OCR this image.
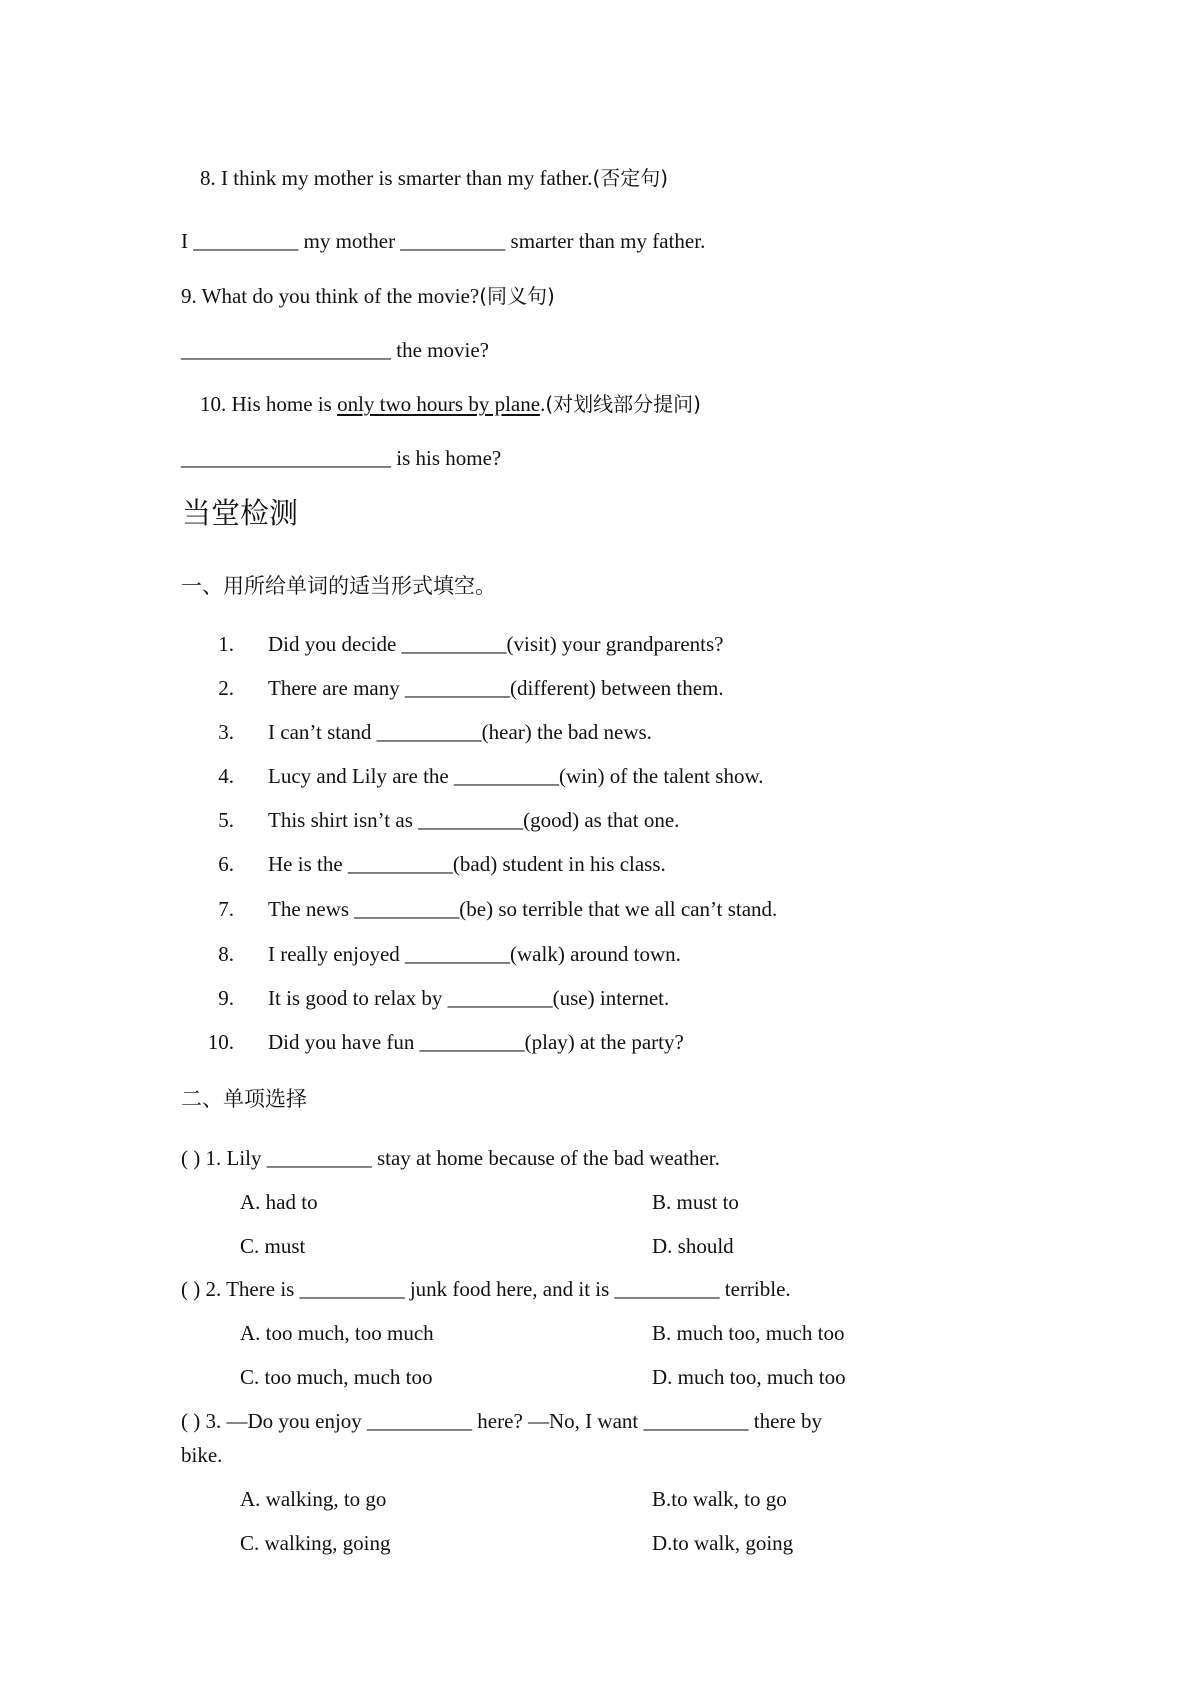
8. I think my mother is smarter than my father.(否定句)
I __________ my mother __________ smarter than my father.
9. What do you think of the movie?(同义句)
____________________ the movie?
10. His home is only two hours by plane.(对划线部分提问)
____________________ is his home?
当堂检测
一、用所给单词的适当形式填空。
1. Did you decide __________(visit) your grandparents?
2. There are many __________(different) between them.
3. I can’t stand __________(hear) the bad news.
4. Lucy and Lily are the __________(win) of the talent show.
5. This shirt isn’t as __________(good) as that one.
6. He is the __________(bad) student in his class.
7. The news __________(be) so terrible that we all can’t stand.
8. I really enjoyed __________(walk) around town.
9. It is good to relax by __________(use) internet.
10. Did you have fun __________(play) at the party?
二、单项选择
( ) 1. Lily __________ stay at home because of the bad weather.
A. had to	B. must to
C. must	D. should
( ) 2. There is __________ junk food here, and it is __________ terrible.
A. too much, too much	B. much too, much too
C. too much, much too	D. much too, much too
( ) 3. —Do you enjoy __________ here? —No, I want __________ there by
bike.
A. walking, to go	B.to walk, to go
C. walking, going	D.to walk, going
